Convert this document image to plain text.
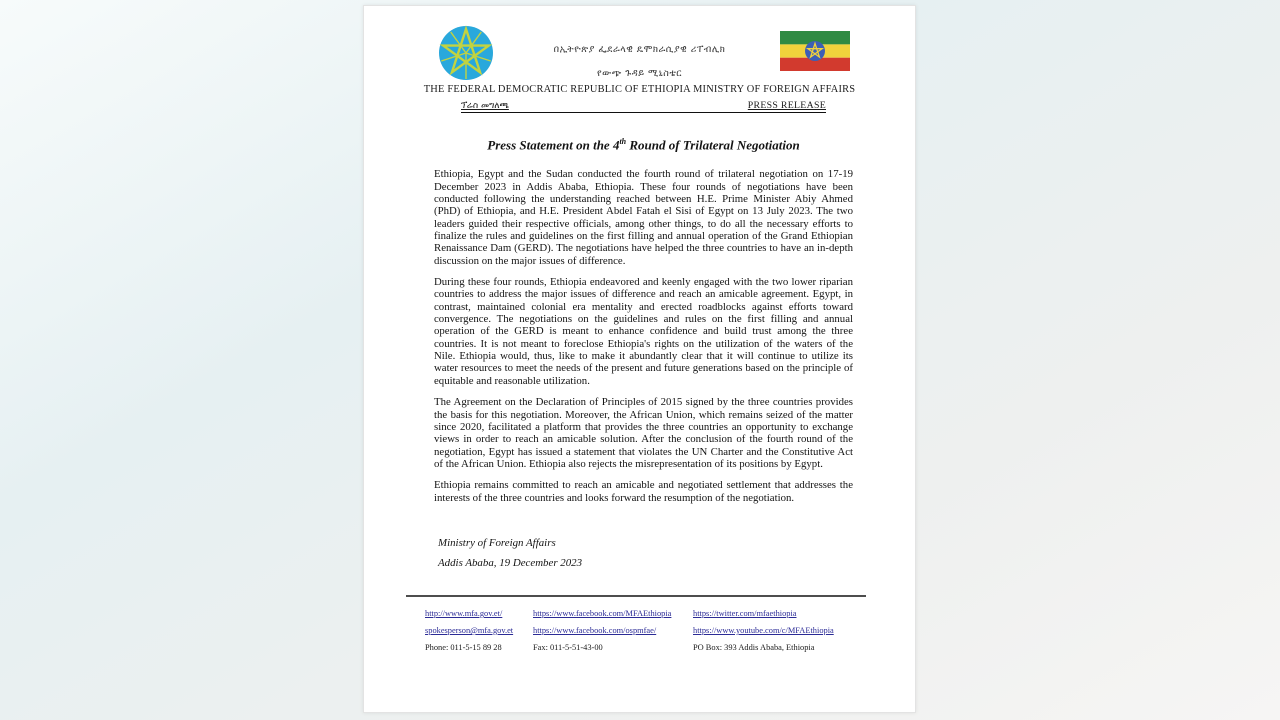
በኢትዮጵያ ፌደራላዊ ዴሞክራሲያዊ ሪፐብሊክ
የውጭ ጉዳይ ሚኒስቴር
THE FEDERAL DEMOCRATIC REPUBLIC OF ETHIOPIA MINISTRY OF FOREIGN AFFAIRS
ፕሬስ መግለጫ	PRESS RELEASE
Press Statement on the 4th Round of Trilateral Negotiation

Ethiopia, Egypt and the Sudan conducted the fourth round of trilateral negotiation on 17-19 December 2023 in Addis Ababa, Ethiopia. These four rounds of negotiations have been conducted following the understanding reached between H.E. Prime Minister Abiy Ahmed (PhD) of Ethiopia, and H.E. President Abdel Fatah el Sisi of Egypt on 13 July 2023. The two leaders guided their respective officials, among other things, to do all the necessary efforts to finalize the rules and guidelines on the first filling and annual operation of the Grand Ethiopian Renaissance Dam (GERD). The negotiations have helped the three countries to have an in-depth discussion on the major issues of difference.

During these four rounds, Ethiopia endeavored and keenly engaged with the two lower riparian countries to address the major issues of difference and reach an amicable agreement. Egypt, in contrast, maintained colonial era mentality and erected roadblocks against efforts toward convergence. The negotiations on the guidelines and rules on the first filling and annual operation of the GERD is meant to enhance confidence and build trust among the three countries. It is not meant to foreclose Ethiopia's rights on the utilization of the waters of the Nile. Ethiopia would, thus, like to make it abundantly clear that it will continue to utilize its water resources to meet the needs of the present and future generations based on the principle of equitable and reasonable utilization.

The Agreement on the Declaration of Principles of 2015 signed by the three countries provides the basis for this negotiation. Moreover, the African Union, which remains seized of the matter since 2020, facilitated a platform that provides the three countries an opportunity to exchange views in order to reach an amicable solution. After the conclusion of the fourth round of the negotiation, Egypt has issued a statement that violates the UN Charter and the Constitutive Act of the African Union. Ethiopia also rejects the misrepresentation of its positions by Egypt.

Ethiopia remains committed to reach an amicable and negotiated settlement that addresses the interests of the three countries and looks forward the resumption of the negotiation.

Ministry of Foreign Affairs
Addis Ababa, 19 December 2023
http://www.mfa.gov.et/	https://www.facebook.com/MFAEthiopia	https://twitter.com/mfaethiopia
spokesperson@mfa.gov.et	https://www.facebook.com/ospmfae/	https://www.youtube.com/c/MFAEthiopia
Phone: 011-5-15 89 28	Fax: 011-5-51-43-00	PO Box: 393 Addis Ababa, Ethiopia
